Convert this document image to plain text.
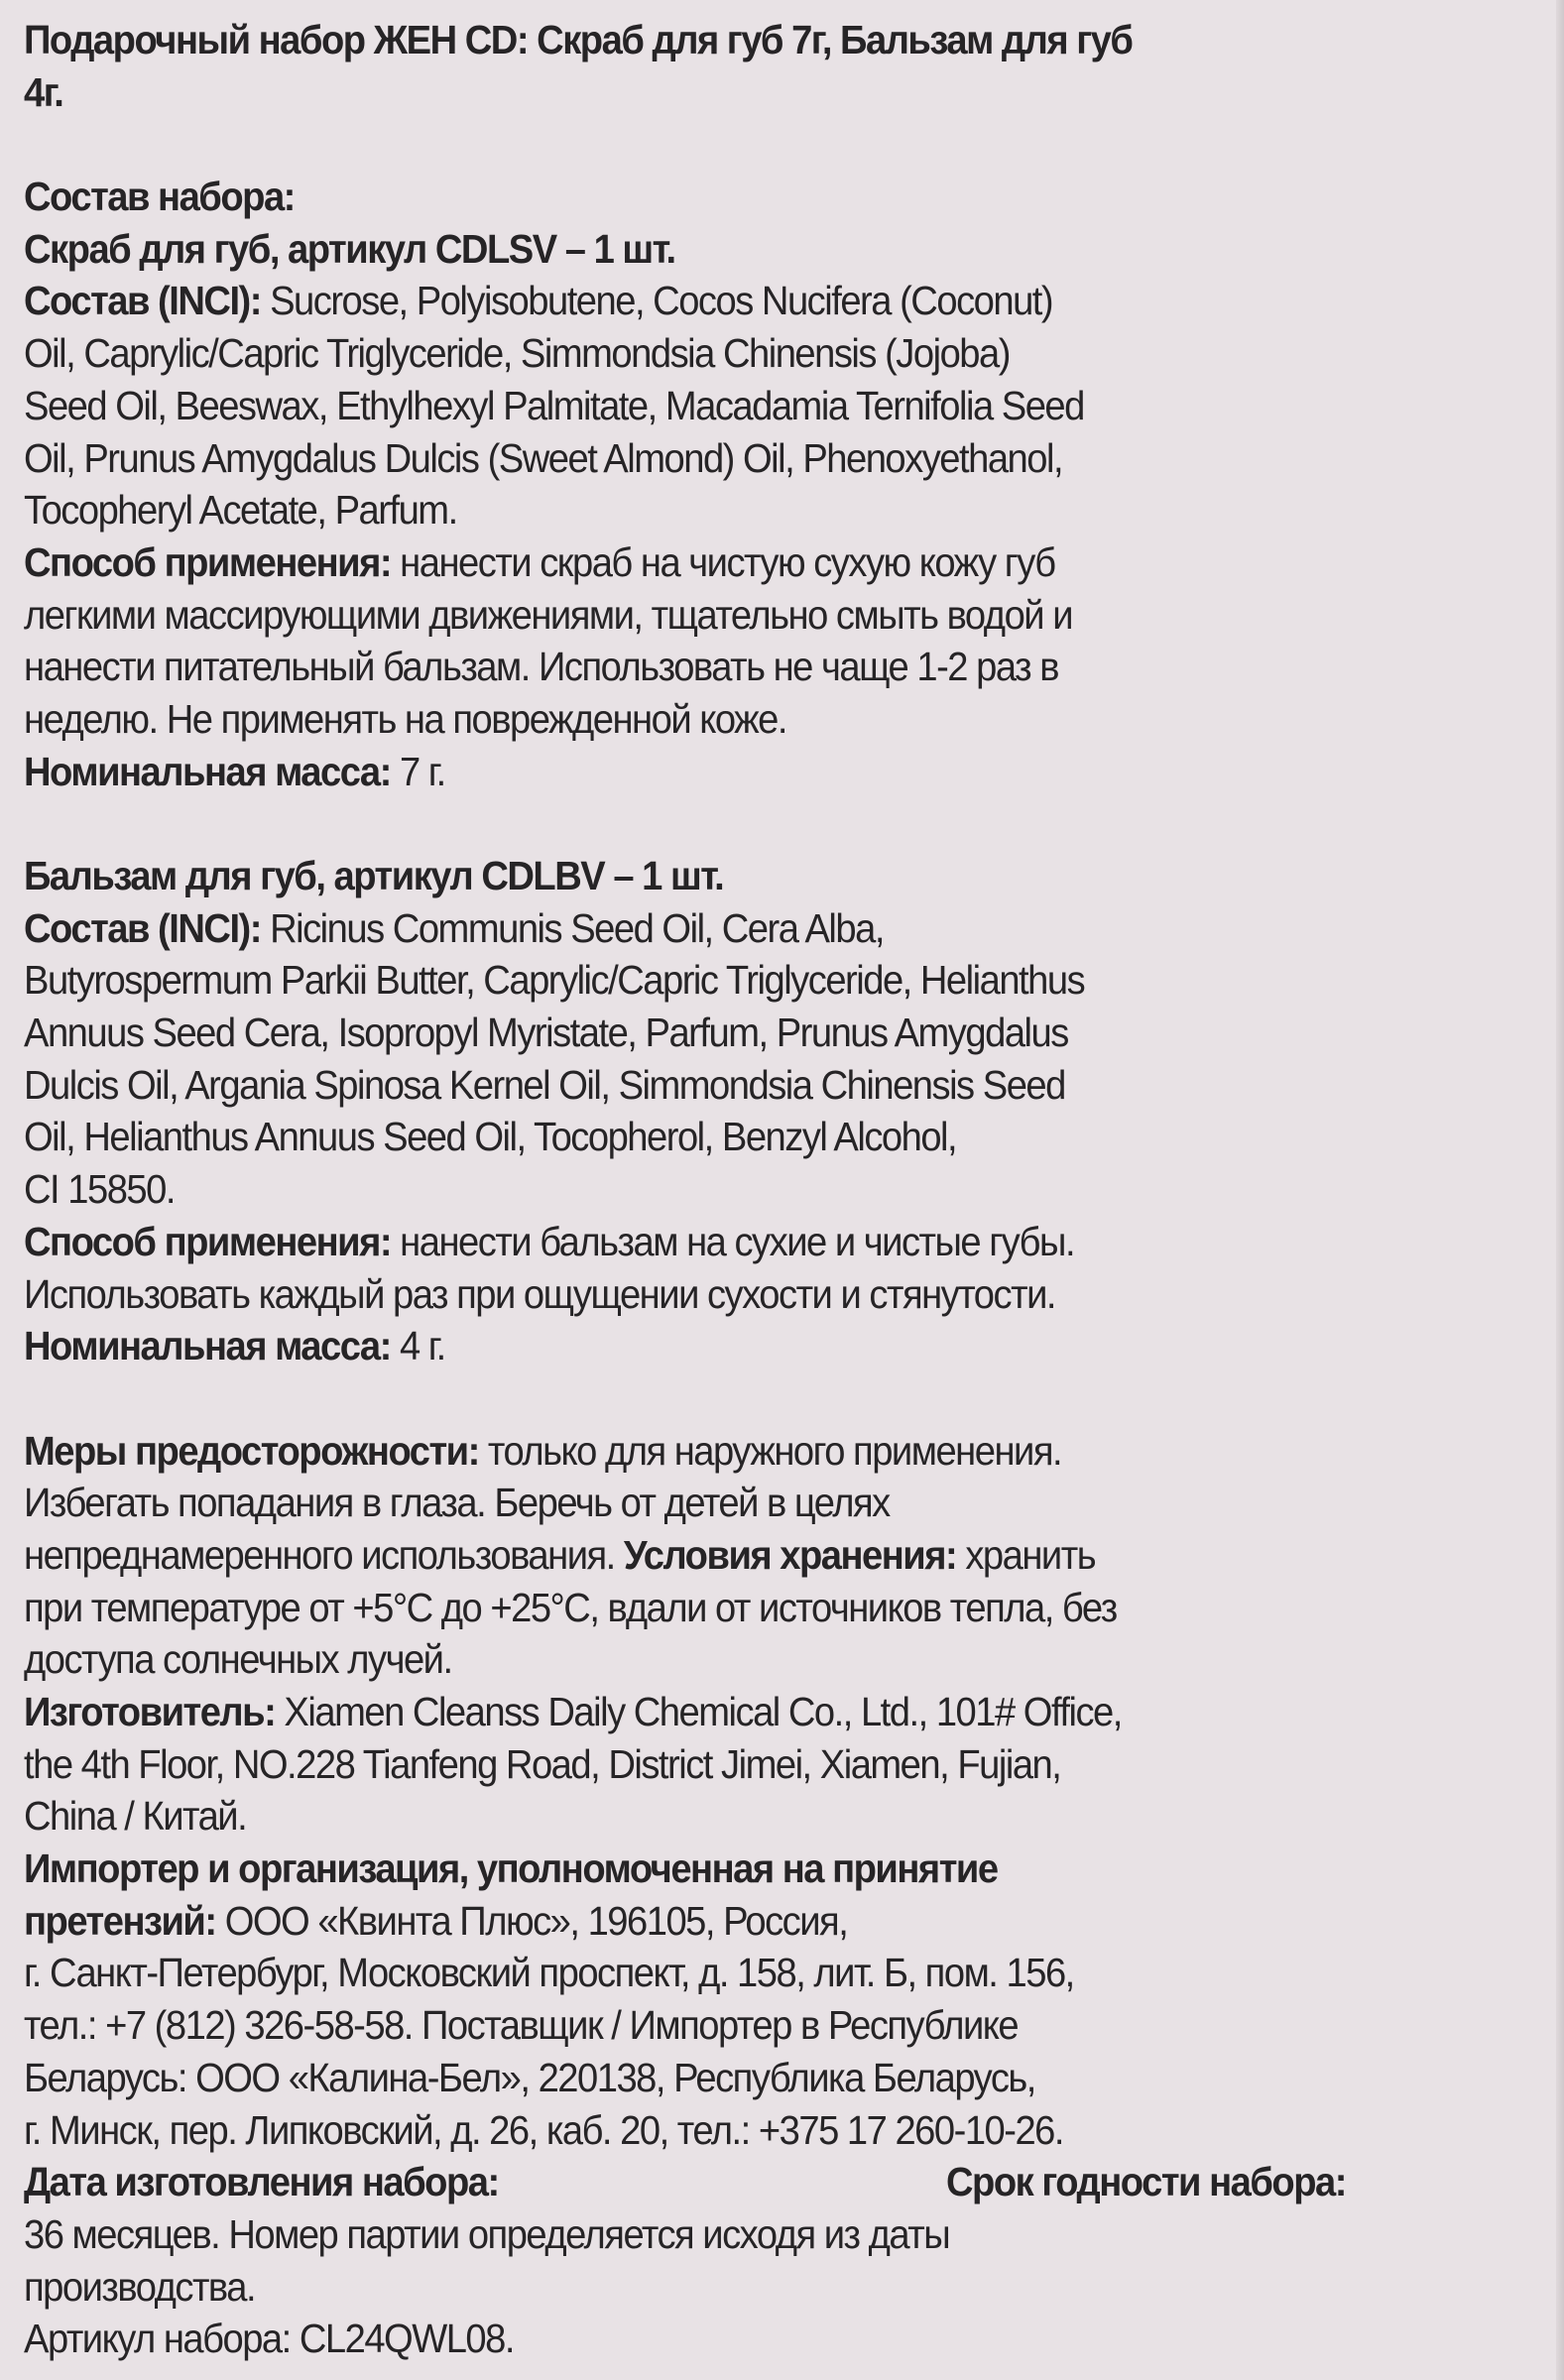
Подарочный набор ЖЕН CD: Скраб для губ 7г, Бальзам для губ
4г.
Состав набора:
Скраб для губ, артикул CDLSV – 1 шт.
Состав (INCI): Sucrose, Polyisobutene, Cocos Nucifera (Coconut)
Oil, Caprylic/Capric Triglyceride, Simmondsia Chinensis (Jojoba)
Seed Oil, Beeswax, Ethylhexyl Palmitate, Macadamia Ternifolia Seed
Oil, Prunus Amygdalus Dulcis (Sweet Almond) Oil, Phenoxyethanol,
Tocopheryl Acetate, Parfum.
Способ применения: нанести скраб на чистую сухую кожу губ
легкими массирующими движениями, тщательно смыть водой и
нанести питательный бальзам. Использовать не чаще 1-2 раз в
неделю. Не применять на поврежденной коже.
Номинальная масса: 7 г.
Бальзам для губ, артикул CDLBV – 1 шт.
Состав (INCI): Ricinus Communis Seed Oil, Cera Alba,
Butyrospermum Parkii Butter, Caprylic/Capric Triglyceride, Helianthus
Annuus Seed Cera, Isopropyl Myristate, Parfum, Prunus Amygdalus
Dulcis Oil, Argania Spinosa Kernel Oil, Simmondsia Chinensis Seed
Oil, Helianthus Annuus Seed Oil, Tocopherol, Benzyl Alcohol,
CI 15850.
Способ применения: нанести бальзам на сухие и чистые губы.
Использовать каждый раз при ощущении сухости и стянутости.
Номинальная масса: 4 г.
Меры предосторожности: только для наружного применения.
Избегать попадания в глаза. Беречь от детей в целях
непреднамеренного использования. Условия хранения: хранить
при температуре от +5°С до +25°С, вдали от источников тепла, без
доступа солнечных лучей.
Изготовитель: Xiamen Cleanss Daily Chemical Co., Ltd., 101# Office,
the 4th Floor, NO.228 Tianfeng Road, District Jimei, Xiamen, Fujian,
China / Китай.
Импортер и организация, уполномоченная на принятие
претензий: ООО «Квинта Плюс», 196105, Россия,
г. Санкт-Петербург, Московский проспект, д. 158, лит. Б, пом. 156,
тел.: +7 (812) 326-58-58. Поставщик / Импортер в Республике
Беларусь: ООО «Калина-Бел», 220138, Республика Беларусь,
г. Минск, пер. Липковский, д. 26, каб. 20, тел.: +375 17 260-10-26.
Дата изготовления набора:	Срок годности набора:
36 месяцев. Номер партии определяется исходя из даты
производства.
Артикул набора: CL24QWL08.
